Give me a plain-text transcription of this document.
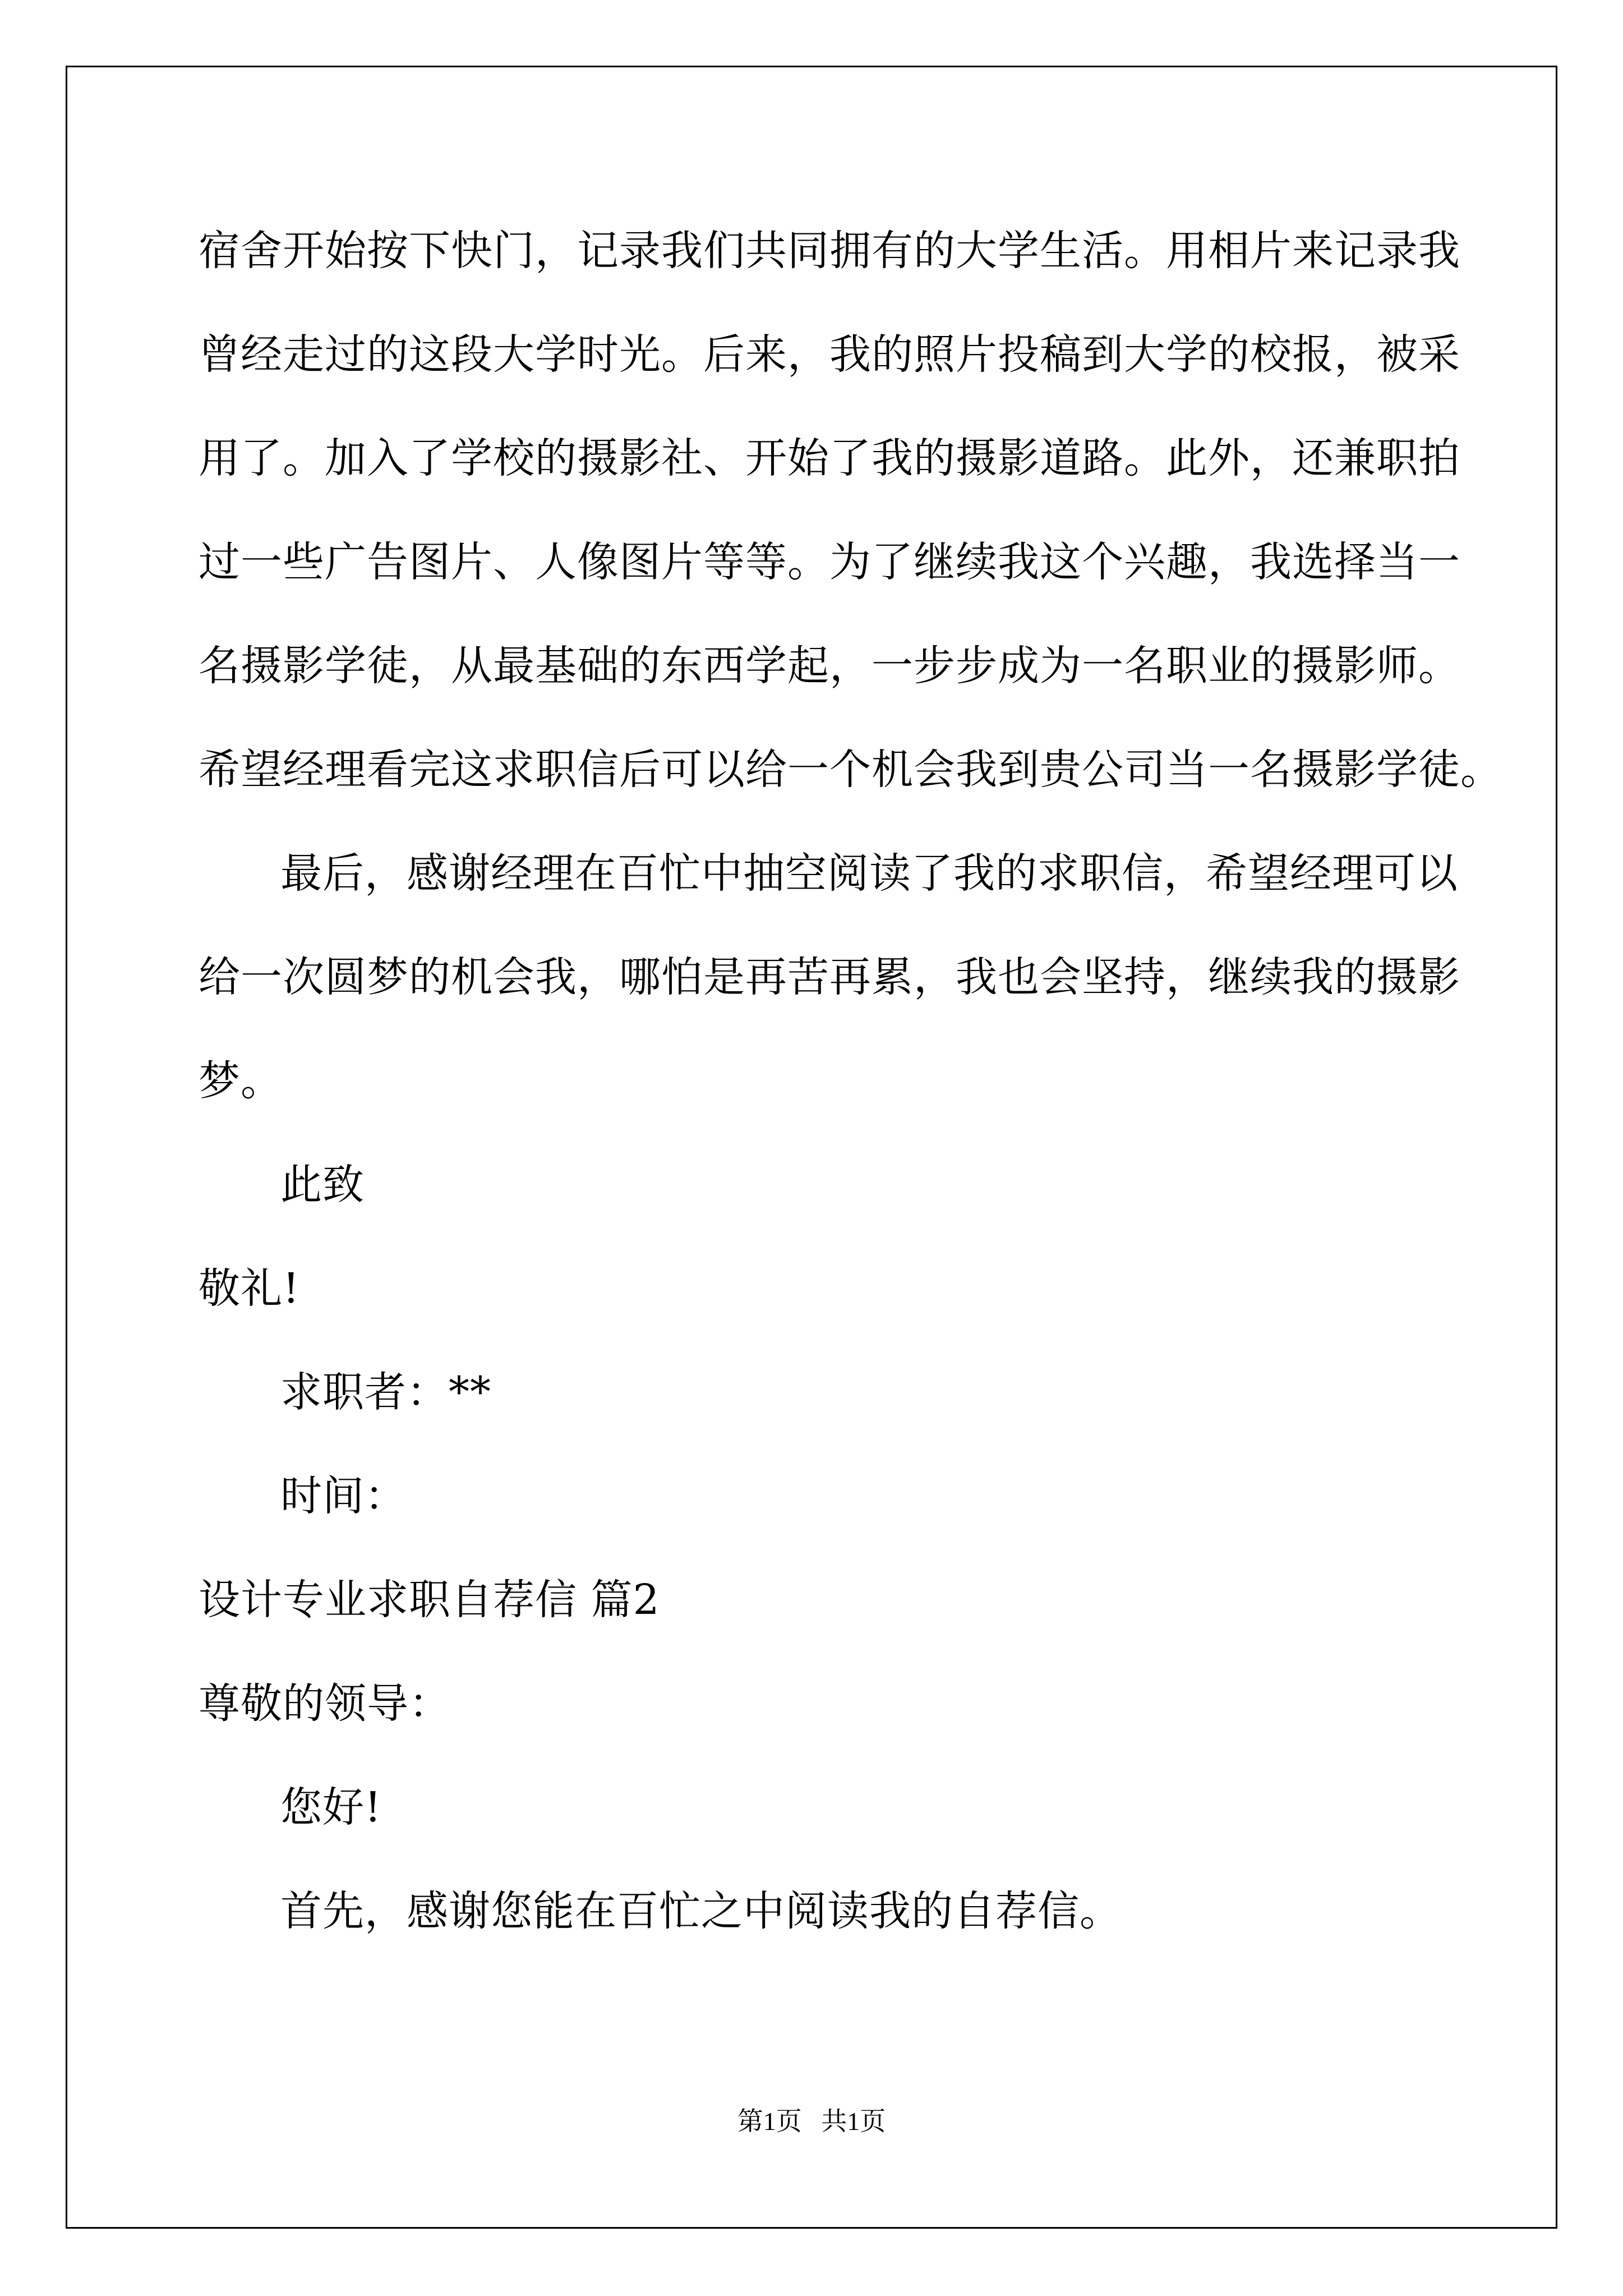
宿舍开始按下快门，记录我们共同拥有的大学生活。用相片来记录我
曾经走过的这段大学时光。后来，我的照片投稿到大学的校报，被采
用了。加入了学校的摄影社、开始了我的摄影道路。此外，还兼职拍
过一些广告图片、人像图片等等。为了继续我这个兴趣，我选择当一
名摄影学徒，从最基础的东西学起，一步步成为一名职业的摄影师。
希望经理看完这求职信后可以给一个机会我到贵公司当一名摄影学徒。
最后，感谢经理在百忙中抽空阅读了我的求职信，希望经理可以
给一次圆梦的机会我，哪怕是再苦再累，我也会坚持，继续我的摄影
梦。
此致
敬礼!
求职者：**
时间：
设计专业求职自荐信 篇2
尊敬的领导：
您好!
首先，感谢您能在百忙之中阅读我的自荐信。
第1页   共1页
